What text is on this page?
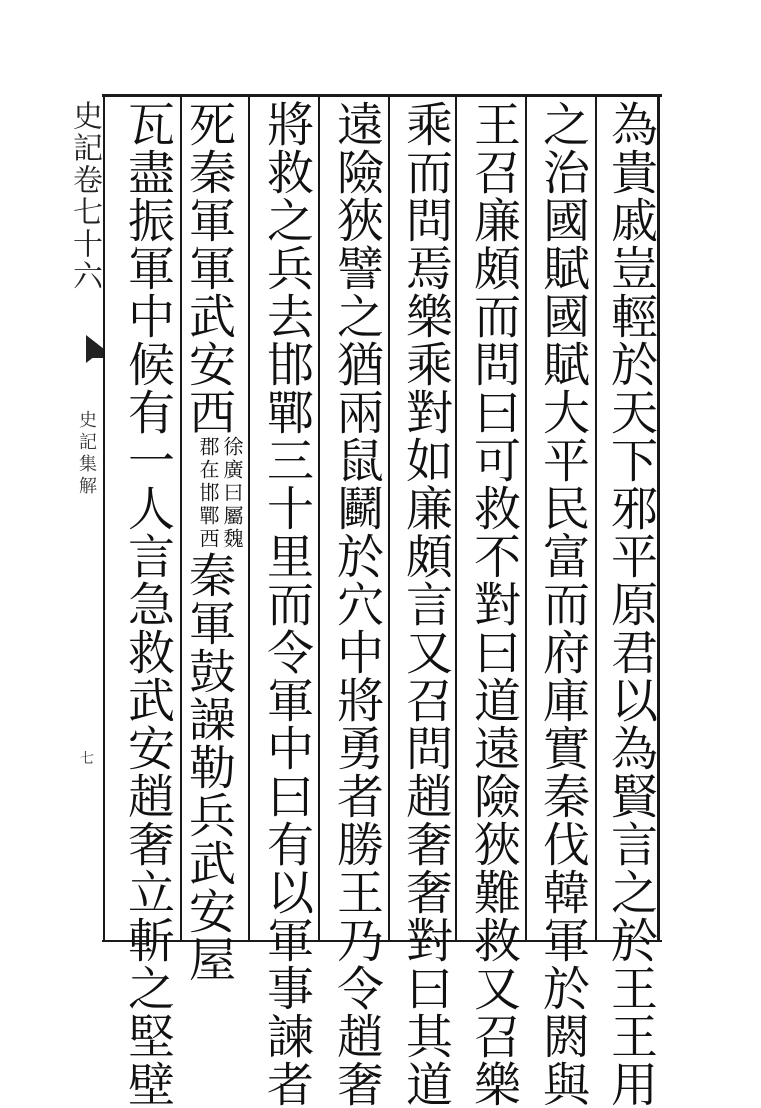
史記卷七十六
史記集解
七	為貴戚豈輕於天下邪平原君以為賢言之於王王用
之治國賦國賦大平民富而府庫實秦伐韓軍於閼與
王召廉頗而問曰可救不對曰道遠險狹難救又召樂
乘而問焉樂乘對如廉頗言又召問趙奢奢對曰其道
遠險狹譬之猶兩鼠鬬於穴中將勇者勝王乃令趙奢
將救之兵去邯鄲三十里而令軍中曰有以軍事諫者
死秦軍軍武安西
徐廣曰屬魏
郡在邯鄲西
秦軍鼓譟勒兵武安屋
瓦盡振軍中候有一人言急救武安趙奢立斬之堅壁
